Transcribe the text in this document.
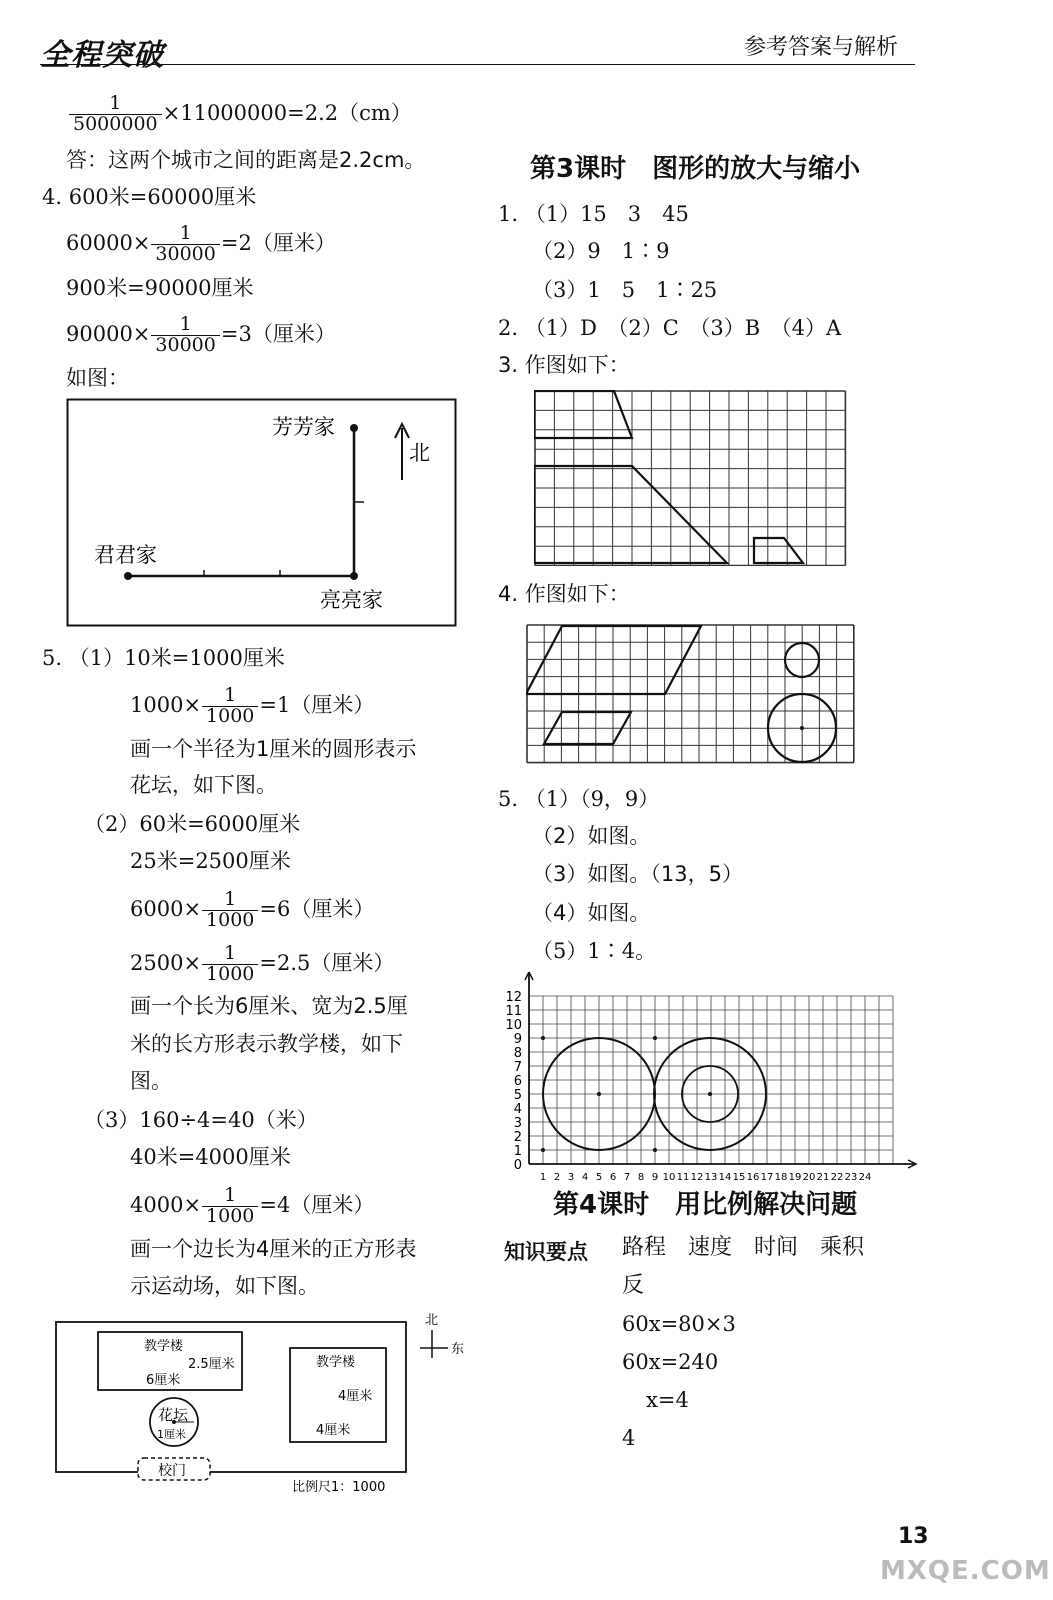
全程突破	参考答案与解析
$\frac{1}{5000000} \times 11000000=2.2(cm)$
答：这两个城市之间的距离是2.2cm。
4. 600米=60000厘米
$60000\times \frac{1}{30000} =2$（厘米）
900米=90000厘米
$90000\times \frac{1}{30000} =3$（厘米）
如图：
芳芳家
北
君君家
亮亮家
5. （1）10米=1000厘米
$1000\times \frac{1}{1000} =1$（厘米）
画一个半径为1厘米的圆形表示
花坛，如下图。
（2）60米=6000厘米
25米=2500厘米
$6000\times \frac{1}{1000} =6$（厘米）
$2500\times \frac{1}{1000} =2.5$（厘米）
画一个长为6厘米、宽为2.5厘
米的长方形表示教学楼，如下
图。
（3）160÷4=40（米）
40米=4000厘米
$4000\times \frac{1}{1000} =4$（厘米）
画一个边长为4厘米的正方形表
示运动场，如下图。
教学楼
2.5厘米
6厘米
教学楼
4厘米
4厘米
花坛
1厘米
校门
北
东
比例尺1：1000
第3课时　图形的放大与缩小
1. （1）15　3　45
（2）9　1∶9
（3）1　5　1∶25
2. （1）D　（2）C　（3）B　（4）A
3. 作图如下：
4. 作图如下：
5. （1）（9，9）
（2）如图。
（3）如图。（13，5）
（4）如图。
（5）1∶4。
0
1
2
3
4
5
6
7
8
9
10
11
12
1 2 3 4 5 6 7 8 9 10 11 12 13 14 15 16 17 18 19 20 21 22 23 24
第4课时　用比例解决问题
知识要点 路程　速度　时间　乘积
反
60x=80×3
60x=240
x=4
4
13
MXQE.COM
